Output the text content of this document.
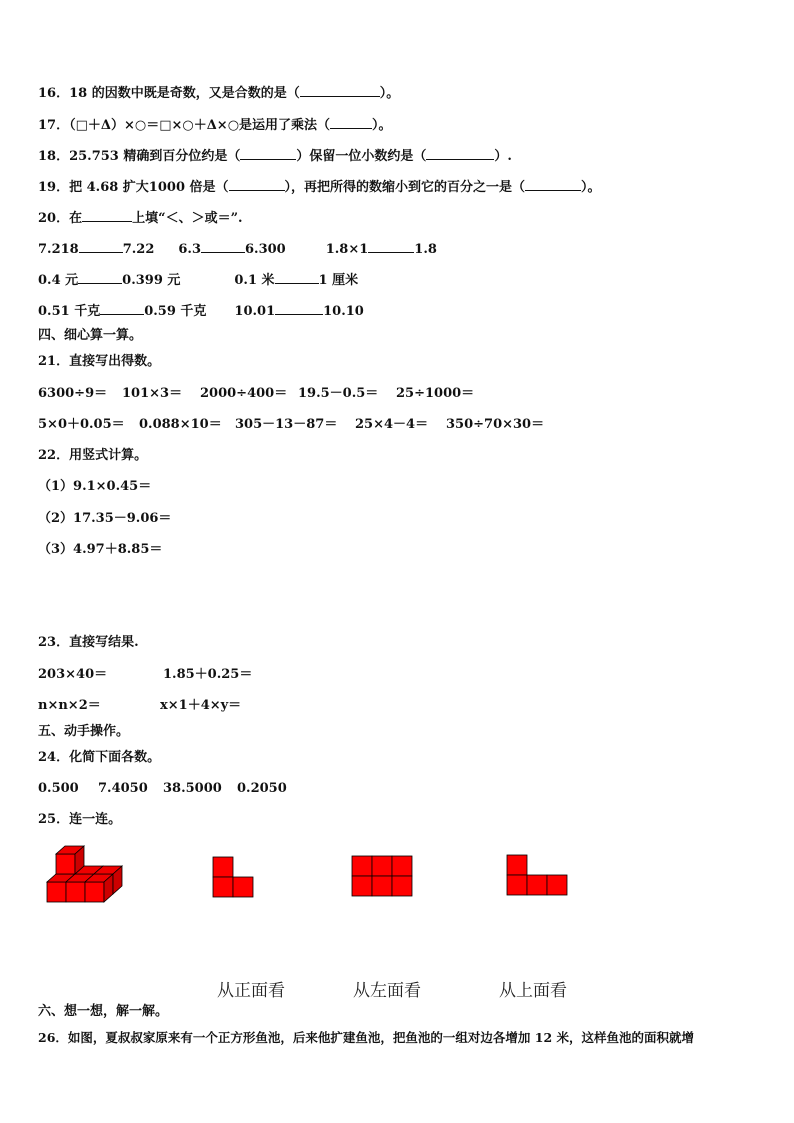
16．18 的因数中既是奇数，又是合数的是（	）。
17．（□＋Δ）×○＝□×○＋Δ×○是运用了乘法（	）。
18．25.753 精确到百分位约是（	）保留一位小数约是（	）.
19．把 4.68 扩大1000 倍是（	），再把所得的数缩小到它的百分之一是（	）。
20．在	上填“＜、＞或＝”.
7.218	7.22 6.3	6.300	1.8×1	1.8
0.4 元	0.399 元	0.1 米	1 厘米
0.51 千克	0.59 千克 10.01	10.10
四、细心算一算。
21．直接写出得数。
6300÷9＝ 101×3＝ 2000÷400＝ 19.5－0.5＝ 25÷1000＝
5×0＋0.05＝ 0.088×10＝ 305－13－87＝ 25×4－4＝ 350÷70×30＝
22．用竖式计算。
（1）9.1×0.45＝
（2）17.35－9.06＝
（3）4.97＋8.85＝
23．直接写结果.
203×40＝	1.85＋0.25＝
n×n×2＝	x×1＋4×y＝
五、动手操作。
24．化简下面各数。
0.500 7.4050 38.5000 0.2050
25．连一连。
从正面看	从左面看	从上面看
六、想一想，解一解。
26．如图，夏叔叔家原来有一个正方形鱼池，后来他扩建鱼池，把鱼池的一组对边各增加 12 米，这样鱼池的面积就增
